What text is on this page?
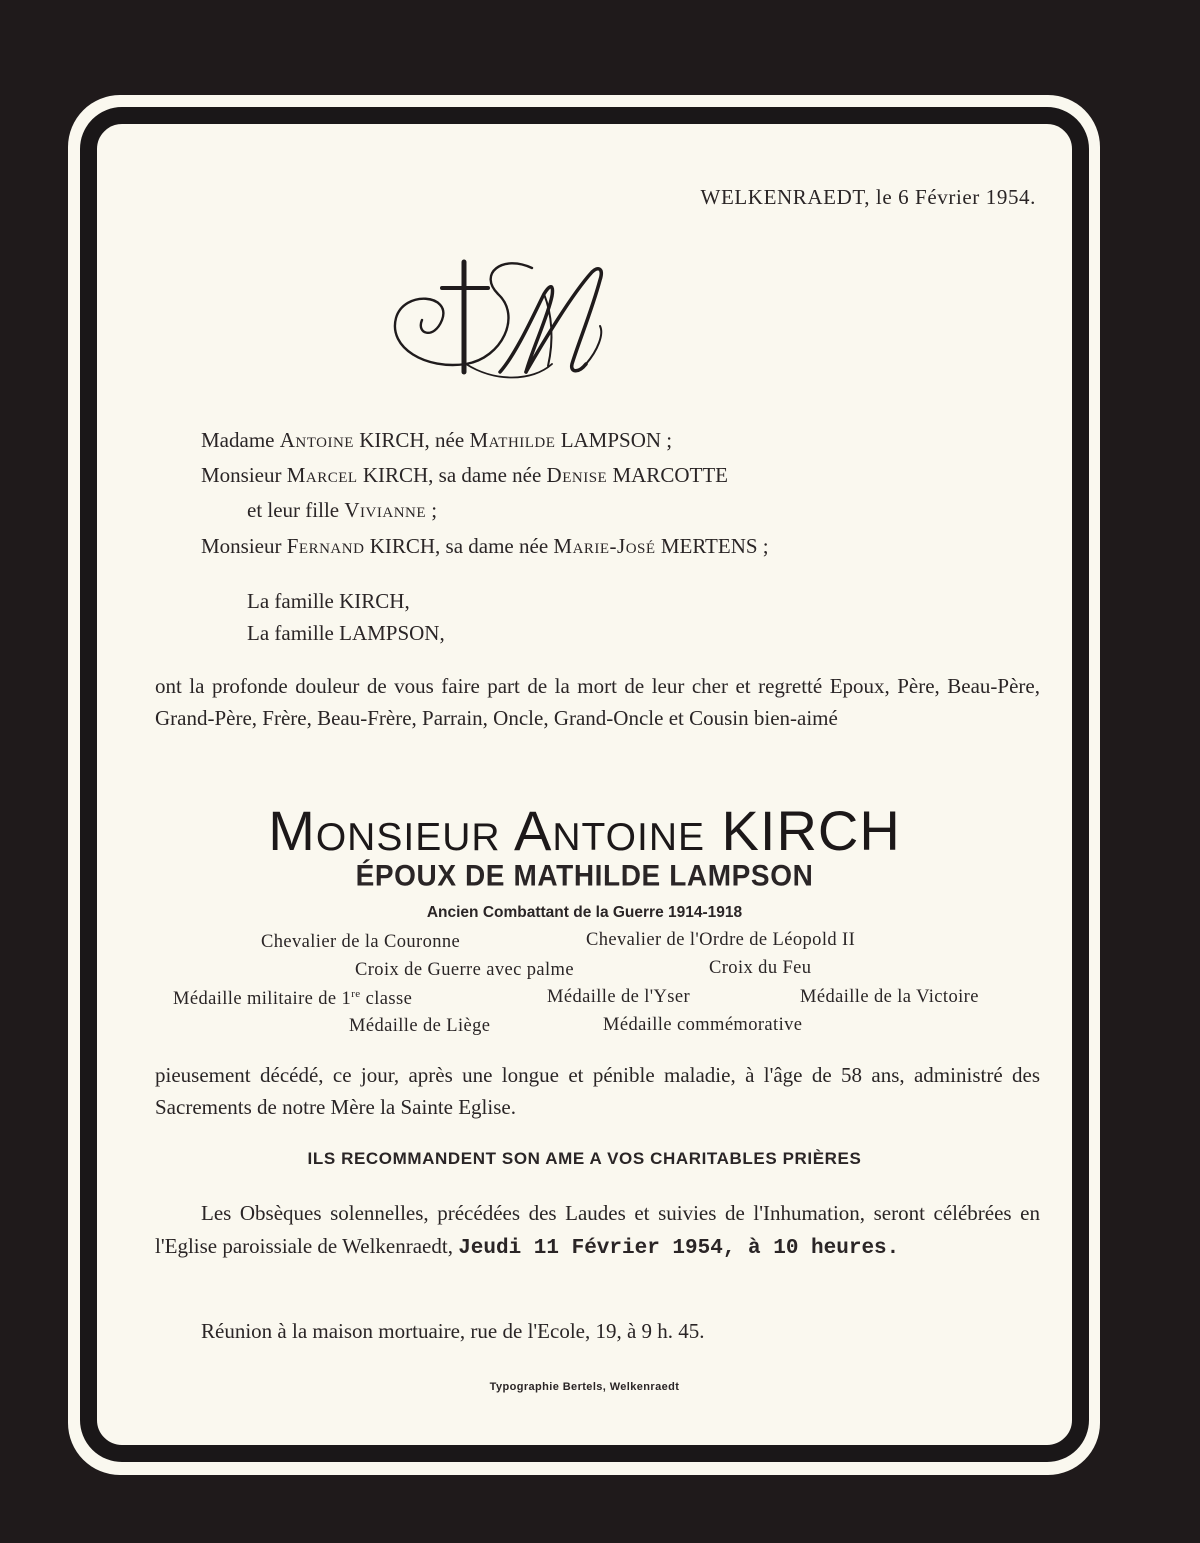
WELKENRAEDT, le 6 Février 1954.
Madame Antoine KIRCH, née Mathilde LAMPSON ;
Monsieur Marcel KIRCH, sa dame née Denise MARCOTTE
et leur fille Vivianne ;
Monsieur Fernand KIRCH, sa dame née Marie-José MERTENS ;
La famille KIRCH,
La famille LAMPSON,
ont la profonde douleur de vous faire part de la mort de leur cher et regretté Epoux, Père, Beau-Père, Grand-Père, Frère, Beau-Frère, Parrain, Oncle, Grand-Oncle et Cousin bien-aimé
Monsieur Antoine KIRCH
ÉPOUX DE MATHILDE LAMPSON
Ancien Combattant de la Guerre 1914-1918
Chevalier de la Couronne	Chevalier de l'Ordre de Léopold II
Croix de Guerre avec palme	Croix du Feu
Médaille militaire de 1re classe	Médaille de l'Yser	Médaille de la Victoire
Médaille de Liège	Médaille commémorative
pieusement décédé, ce jour, après une longue et pénible maladie, à l'âge de 58 ans, administré des Sacrements de notre Mère la Sainte Eglise.
ILS RECOMMANDENT SON AME A VOS CHARITABLES PRIÈRES
Les Obsèques solennelles, précédées des Laudes et suivies de l'Inhumation, seront célébrées en l'Eglise paroissiale de Welkenraedt, Jeudi 11 Février 1954, à 10 heures.
Réunion à la maison mortuaire, rue de l'Ecole, 19, à 9 h. 45.
Typographie Bertels, Welkenraedt
